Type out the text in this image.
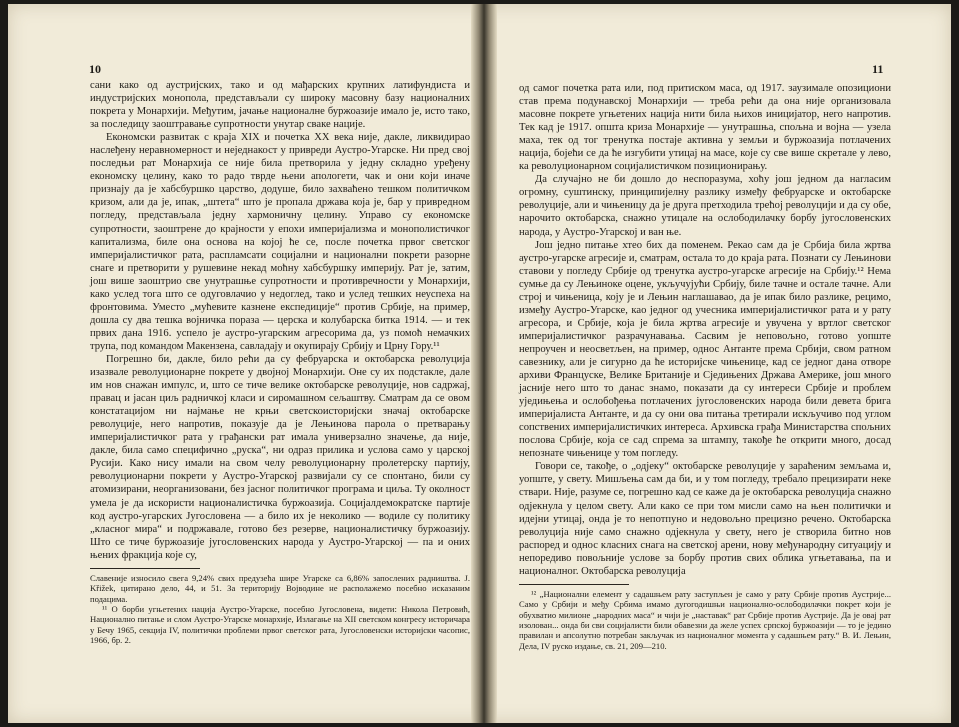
10

сани како од аустријских, тако и од мађарских крупних латифундиста и индустријских монопола, представљали су широку масовну базу националних покрета у Монархији. Међутим, јачање националне буржоазије имало је, исто тако, за последицу заоштравање супротности унутар сваке нације.

Економски развитак с краја XIX и почетка XX века није, дакле, ликвидирао наслеђену неравномерност и неједнакост у привреди Аустро-Угарске. Ни пред свој последњи рат Монархија се није била претворила у једну складно уређену економску целину, како то радо тврде њени апологети, чак и они који иначе признају да је хабсбуршко царство, додуше, било захваћено тешком политичком кризом, али да је, ипак, „штета“ што је пропала држава која је, бар у привредном погледу, представљала једну хармоничну целину. Управо су економске супротности, заоштрене до крајности у епохи империјализма и монополистичког капитализма, биле она основа на којој ће се, после почетка првог светског империјалистичког рата, распламсати социјални и национални покрети разорне снаге и претворити у рушевине некад моћну хабсбуршку империју. Рат је, затим, још више заоштрио све унутрашње супротности и противречности у Монархији, како услед тога што се одуговлачио у недоглед, тако и услед тешких неуспеха на фронтовима. Уместо „мућевите казнене експедиције“ против Србије, на пример, дошла су два тешка војничка пораза — церска и колубарска битка 1914. — и тек првих дана 1916. успело је аустро-угарским агресорима да, уз помоћ немачких трупа, под командом Макензена, савладају и окупирају Србију и Црну Гору.¹¹

Погрешно би, дакле, било рећи да су фебруарска и октобарска револуција изазвале револуционарне покрете у двојној Монархији. Оне су их подстакле, дале им нов снажан импулс, и, што се тиче велике октобарске револуције, нов садржај, правац и јасан циљ радничкој класи и сиромашном сељаштву. Сматрам да се овом констатацијом ни најмање не крњи светскоисторијски значај октобарске револуције, него напротив, показује да је Лењинова парола о претварању империјалистичког рата у грађански рат имала универзално значење, да није, дакле, била само специфично „руска“, ни одраз прилика и услова само у царској Русији. Како нису имали на свом челу револуционарну пролетерску партију, револуционарни покрети у Аустро-Угарској развијали су се спонтано, били су атомизирани, неорганизовани, без јасног политичког програма и циља. Ту околност умела је да искористи националистичка буржоазија. Социјалдемократске партије код аустро-угарских Југословена — а било их је неколико — водиле су политику „класног мира“ и подржавале, готово без резерве, националистичку буржоазију. Што се тиче буржоазије југословенских народа у Аустро-Угарској — па и оних њених фракција које су,

Славеније износило свега 9,24% свих предузећа шире Угарске са 6,86% запослених радништва. J. Křižek, цитирано дело, 44, и 51. За територију Војводине не располажемо посебно исказаним подацима.

¹¹ О борби угњетених нација Аустро-Угарске, посебно Југословена, видети: Никола Петровић, Национално питање и слом Аустро-Угарске монархије, Излагање на XII светском конгресу историчара у Бечу 1965, секција IV, политички проблеми првог светског рата, Југословенски историјски часопис, 1966, бр. 2.

11

од самог почетка рата или, под притиском маса, од 1917. заузимале опозициони став према подунавској Монархији — треба рећи да она није организовала масовне покрете угњетених нација нити била њихов иницијатор, него напротив. Тек кад је 1917. општа криза Монархије — унутрашња, спољна и војна — узела маха, тек од тог тренутка постаје активна у земљи и буржоазија потлачених нација, бојећи се да ће изгубити утицај на масе, које су све више скретале у лево, ка револуционарном социјалистичком позиционирању.

Да случајно не би дошло до неспоразума, хоћу још једном да нагласим огромну, суштинску, принципијелну разлику између фебруарске и октобарске револуције, али и чињеницу да је друга претходила трећој револуцији и да су обе, нарочито октобарска, снажно утицале на ослободилачку борбу југословенских народа, у Аустро-Угарској и ван ње.

Још једно питање хтео бих да поменем. Рекао сам да је Србија била жртва аустро-угарске агресије и, сматрам, остала то до краја рата. Познати су Лењинови ставови у погледу Србије од тренутка аустро-угарске агресије на Србију.¹² Нема сумње да су Лењиноке оцене, укључујући Србију, биле тачне и остале тачне. Али строј и чињеница, коју је и Лењин наглашавао, да је ипак било разлике, рецимо, између Аустро-Угарске, као једног од учесника империјалистичког рата и у рату агресора, и Србије, која је била жртва агресије и увучена у вртлог светског империјалистичког разрачунавања. Сасвим је неповољно, готово уопште непроучен и неосветљен, на пример, однос Антанте према Србији, свом ратном савезнику, али је сигурно да ће историјске чињенице, кад се једног дана отворе архиви Француске, Велике Британије и Сједињених Држава Америке, још много јасније него што то данас знамо, показати да су интереси Србије и проблем уједињења и ослобођења потлачених југословенских народа били девета брига империјалиста Антанте, и да су они ова питања третирали искључиво под углом сопствених империјалистичких интереса. Архивска грађа Министарства спољних послова Србије, која се сад спрема за штампу, такође ће открити много, досад непознате чињенице у том погледу.

Говори се, такође, о „одјеку“ октобарске револуције у зараћеним земљама и, уопште, у свету. Мишљења сам да би, и у том погледу, требало прецизирати неке ствари. Није, разуме се, погрешно кад се каже да је октобарска револуција снажно одјекнула у целом свету. Али како се при том мисли само на њен политички и идејни утицај, онда је то непотпуно и недовољно прецизно речено. Октобарска револуција није само снажно одјекнула у свету, него је створила битно нов распоред и однос класних снага на светској арени, нову међународну ситуацију и непоредиво повољније услове за борбу против свих облика угњетавања, па и националног. Октобарска револуција

¹² „Национални елемент у садашњем рату заступљен је само у рату Србије против Аустрије... Само у Србији и међу Србима имамо дугогодишњи национално-ослободилачки покрет који је обухватио милионе „народних маса“ и чији је „наставак“ рат Србије против Аустрије. Да је овај рат изолован... онда би сви социјалисти били обавезни да желе успех српској буржоазији — то је једино правилан и апсолутно потребан закључак из националног момента у садашњем рату.“ В. И. Лењин, Дела, IV руско издање, св. 21, 209—210.
